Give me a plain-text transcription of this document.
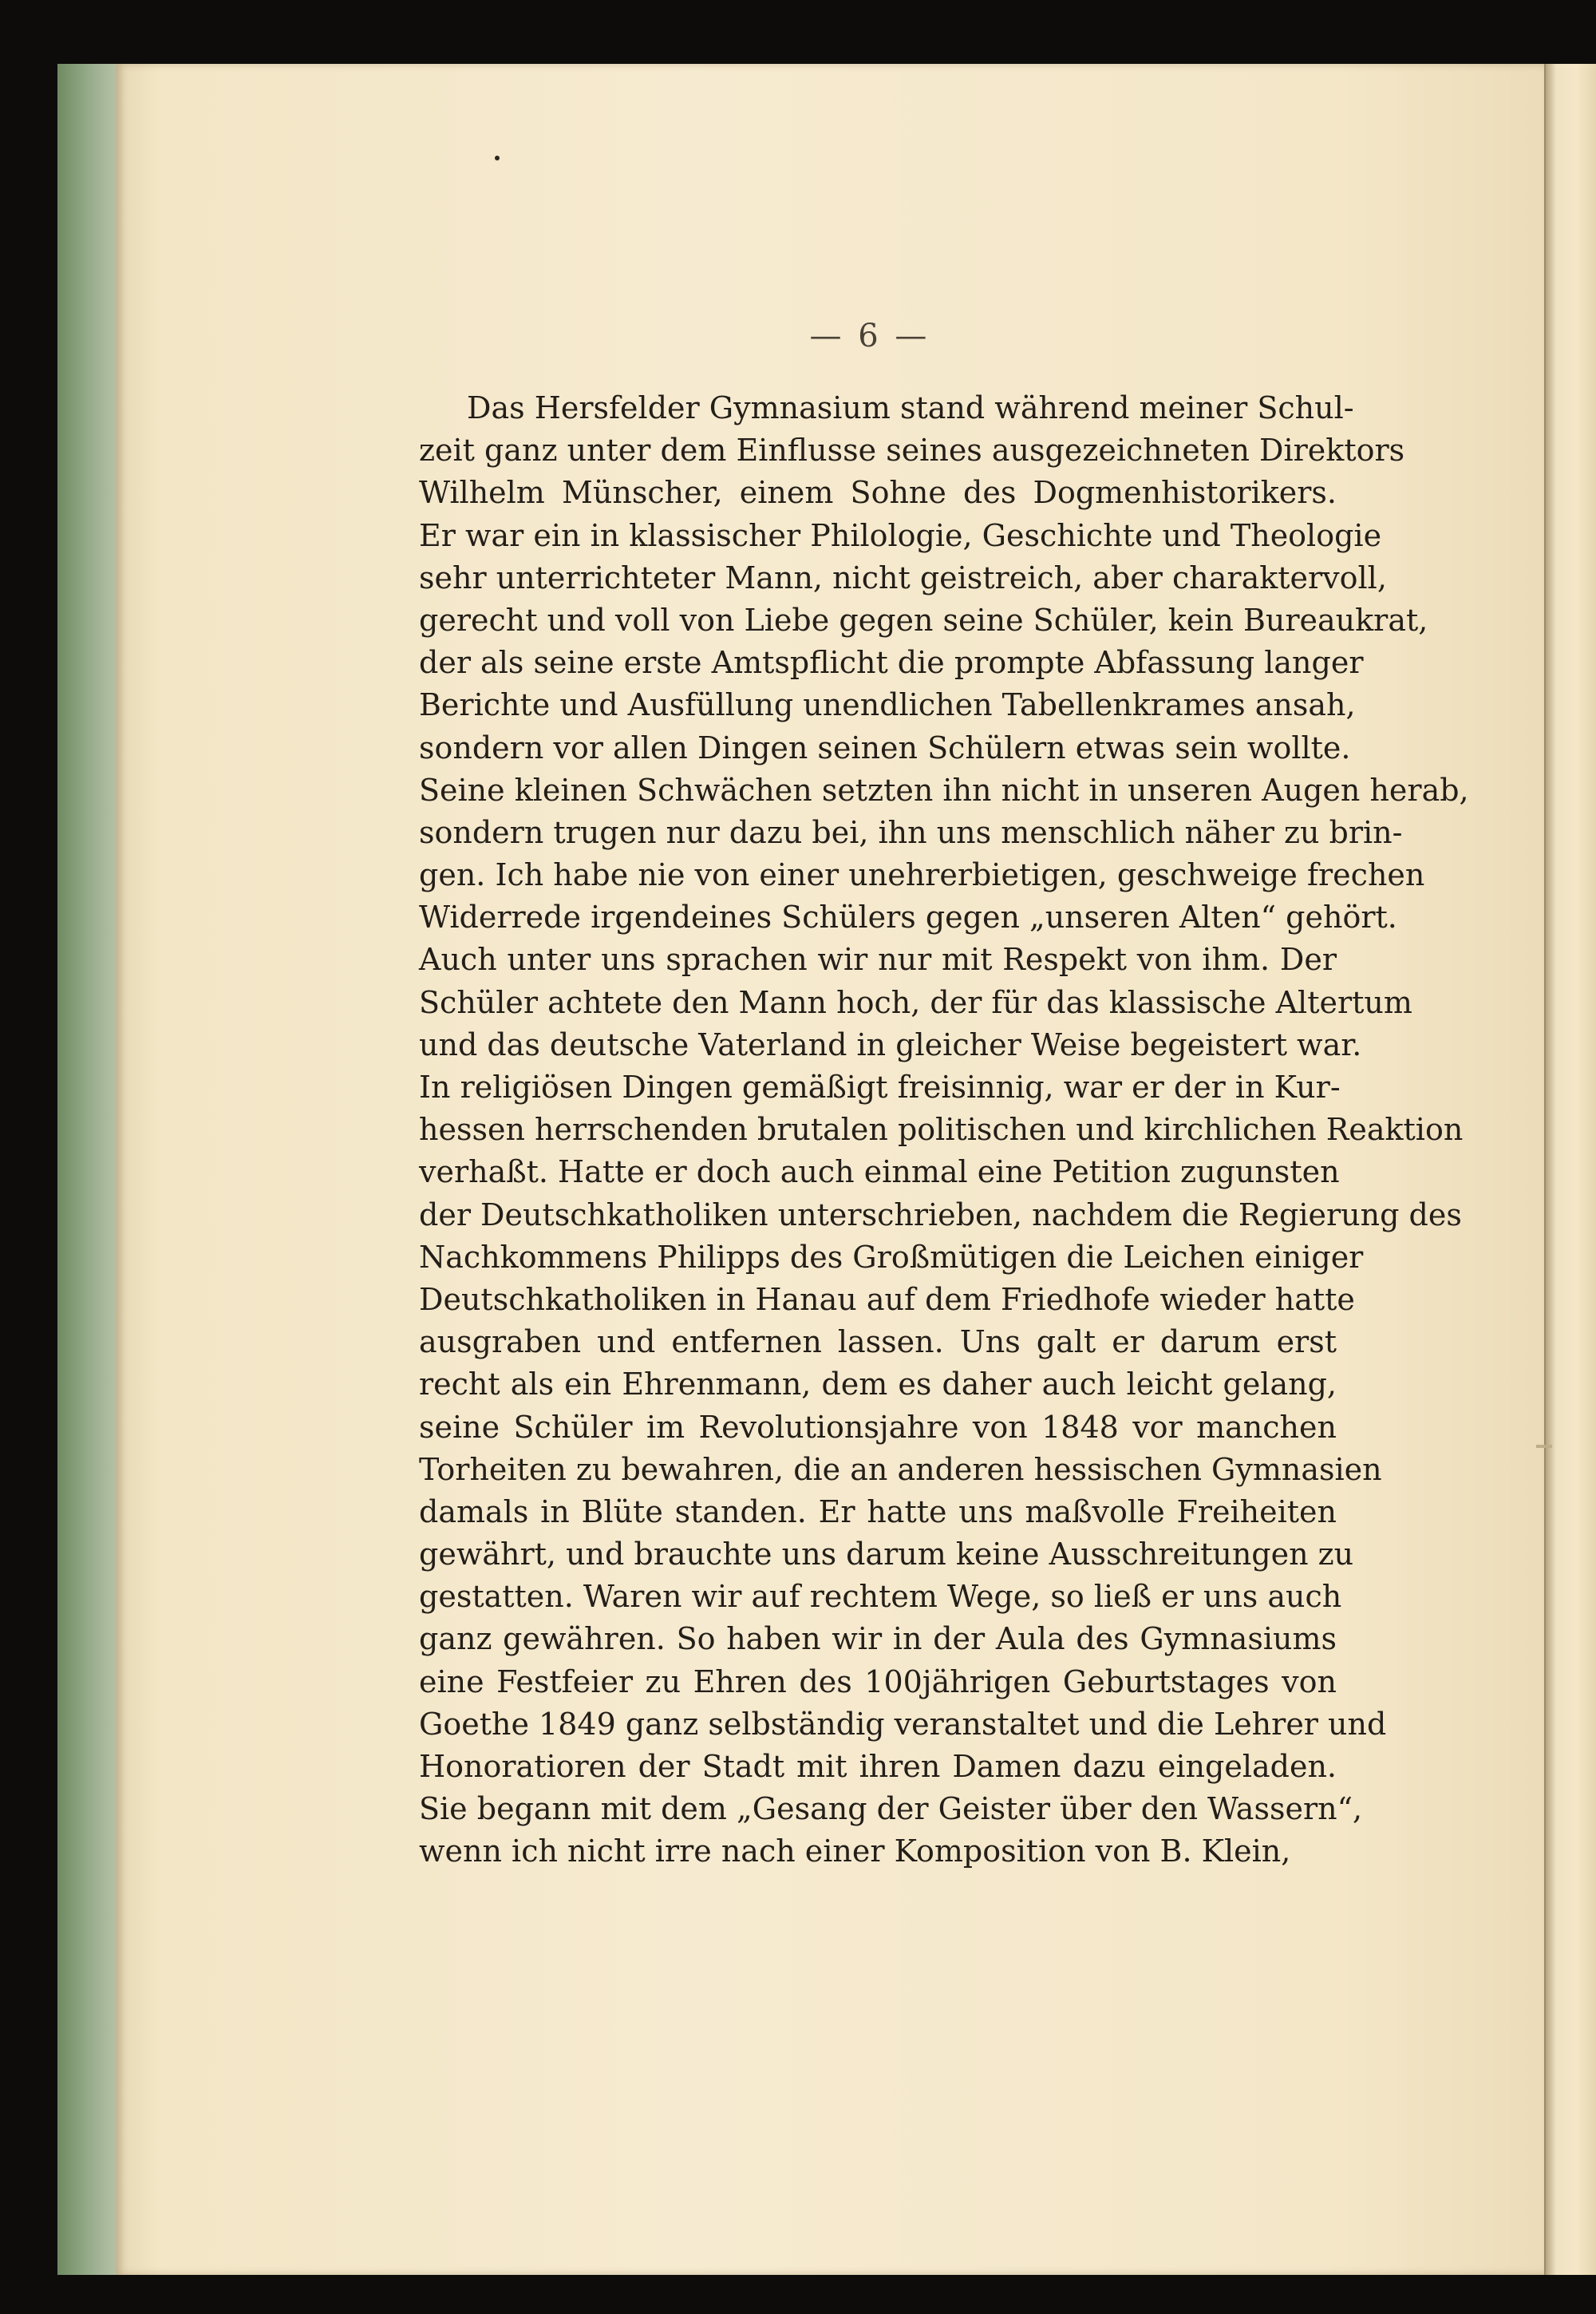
— 6 —
Das Hersfelder Gymnasium stand während meiner Schul-
zeit ganz unter dem Einflusse seines ausgezeichneten Direktors
Wilhelm Münscher, einem Sohne des Dogmenhistorikers.
Er war ein in klassischer Philologie, Geschichte und Theologie
sehr unterrichteter Mann, nicht geistreich, aber charaktervoll,
gerecht und voll von Liebe gegen seine Schüler, kein Bureaukrat,
der als seine erste Amtspflicht die prompte Abfassung langer
Berichte und Ausfüllung unendlichen Tabellenkrames ansah,
sondern vor allen Dingen seinen Schülern etwas sein wollte.
Seine kleinen Schwächen setzten ihn nicht in unseren Augen herab,
sondern trugen nur dazu bei, ihn uns menschlich näher zu brin-
gen. Ich habe nie von einer unehrerbietigen, geschweige frechen
Widerrede irgendeines Schülers gegen „unseren Alten“ gehört.
Auch unter uns sprachen wir nur mit Respekt von ihm. Der
Schüler achtete den Mann hoch, der für das klassische Altertum
und das deutsche Vaterland in gleicher Weise begeistert war.
In religiösen Dingen gemäßigt freisinnig, war er der in Kur-
hessen herrschenden brutalen politischen und kirchlichen Reaktion
verhaßt. Hatte er doch auch einmal eine Petition zugunsten
der Deutschkatholiken unterschrieben, nachdem die Regierung des
Nachkommens Philipps des Großmütigen die Leichen einiger
Deutschkatholiken in Hanau auf dem Friedhofe wieder hatte
ausgraben und entfernen lassen. Uns galt er darum erst
recht als ein Ehrenmann, dem es daher auch leicht gelang,
seine Schüler im Revolutionsjahre von 1848 vor manchen
Torheiten zu bewahren, die an anderen hessischen Gymnasien
damals in Blüte standen. Er hatte uns maßvolle Freiheiten
gewährt, und brauchte uns darum keine Ausschreitungen zu
gestatten. Waren wir auf rechtem Wege, so ließ er uns auch
ganz gewähren. So haben wir in der Aula des Gymnasiums
eine Festfeier zu Ehren des 100jährigen Geburtstages von
Goethe 1849 ganz selbständig veranstaltet und die Lehrer und
Honoratioren der Stadt mit ihren Damen dazu eingeladen.
Sie begann mit dem „Gesang der Geister über den Wassern“,
wenn ich nicht irre nach einer Komposition von B. Klein,
